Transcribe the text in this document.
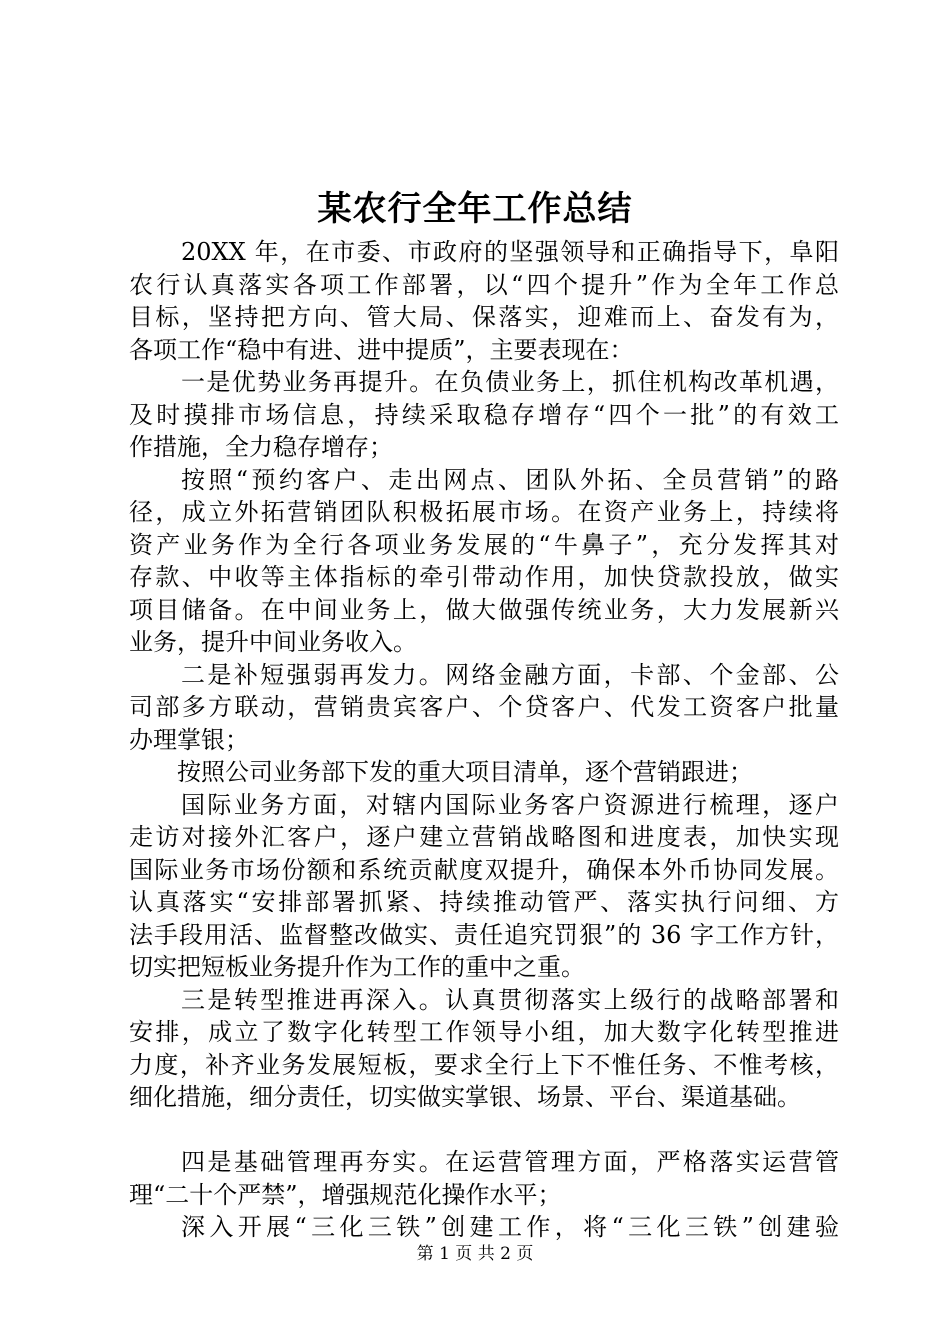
某农行全年工作总结
20XX 年，在市委、市政府的坚强领导和正确指导下，阜阳
农行认真落实各项工作部署，以“四个提升”作为全年工作总
目标，坚持把方向、管大局、保落实，迎难而上、奋发有为，
各项工作“稳中有进、进中提质”，主要表现在：
一是优势业务再提升。在负债业务上，抓住机构改革机遇，
及时摸排市场信息，持续采取稳存增存“四个一批”的有效工
作措施，全力稳存增存；
按照“预约客户、走出网点、团队外拓、全员营销”的路
径，成立外拓营销团队积极拓展市场。在资产业务上，持续将
资产业务作为全行各项业务发展的“牛鼻子”，充分发挥其对
存款、中收等主体指标的牵引带动作用，加快贷款投放，做实
项目储备。在中间业务上，做大做强传统业务，大力发展新兴
业务，提升中间业务收入。
二是补短强弱再发力。网络金融方面，卡部、个金部、公
司部多方联动，营销贵宾客户、个贷客户、代发工资客户批量
办理掌银；
按照公司业务部下发的重大项目清单，逐个营销跟进；
国际业务方面，对辖内国际业务客户资源进行梳理，逐户
走访对接外汇客户，逐户建立营销战略图和进度表，加快实现
国际业务市场份额和系统贡献度双提升，确保本外币协同发展。
认真落实“安排部署抓紧、持续推动管严、落实执行问细、方
法手段用活、监督整改做实、责任追究罚狠”的 36 字工作方针，
切实把短板业务提升作为工作的重中之重。
三是转型推进再深入。认真贯彻落实上级行的战略部署和
安排，成立了数字化转型工作领导小组，加大数字化转型推进
力度，补齐业务发展短板，要求全行上下不惟任务、不惟考核，
细化措施，细分责任，切实做实掌银、场景、平台、渠道基础。
四是基础管理再夯实。在运营管理方面，严格落实运营管
理“二十个严禁”，增强规范化操作水平；
深入开展“三化三铁”创建工作，将“三化三铁”创建验
第 1 页 共 2 页
